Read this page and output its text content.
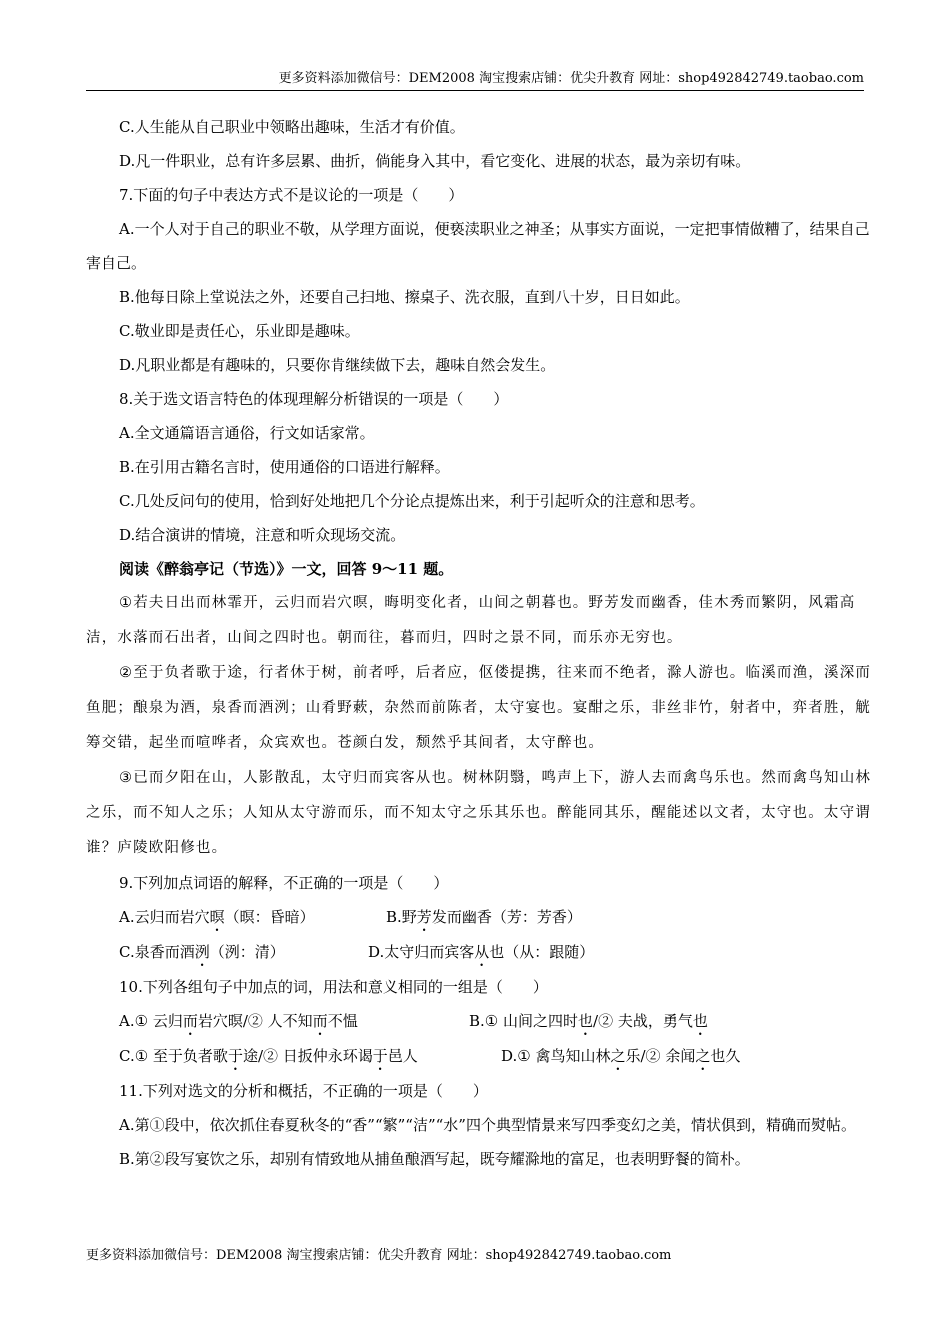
更多资料添加微信号：DEM2008 淘宝搜索店铺：优尖升教育 网址：shop492842749.taobao.com

C.人生能从自己职业中领略出趣味，生活才有价值。

D.凡一件职业，总有许多层累、曲折，倘能身入其中，看它变化、进展的状态，最为亲切有味。

7.下面的句子中表达方式不是议论的一项是（　　）

A.一个人对于自己的职业不敬，从学理方面说，便亵渎职业之神圣；从事实方面说，一定把事情做糟了，结果自己害自己。

B.他每日除上堂说法之外，还要自己扫地、擦桌子、洗衣服，直到八十岁，日日如此。

C.敬业即是责任心，乐业即是趣味。

D.凡职业都是有趣味的，只要你肯继续做下去，趣味自然会发生。

8.关于选文语言特色的体现理解分析错误的一项是（　　）

A.全文通篇语言通俗，行文如话家常。

B.在引用古籍名言时，使用通俗的口语进行解释。

C.几处反问句的使用，恰到好处地把几个分论点提炼出来，利于引起听众的注意和思考。

D.结合演讲的情境，注意和听众现场交流。

阅读《醉翁亭记（节选）》一文，回答 9～11 题。

①若夫日出而林霏开，云归而岩穴暝，晦明变化者，山间之朝暮也。野芳发而幽香，佳木秀而繁阴，风霜高洁，水落而石出者，山间之四时也。朝而往，暮而归，四时之景不同，而乐亦无穷也。

②至于负者歌于途，行者休于树，前者呼，后者应，伛偻提携，往来而不绝者，滁人游也。临溪而渔，溪深而鱼肥；酿泉为酒，泉香而酒洌；山肴野蔌，杂然而前陈者，太守宴也。宴酣之乐，非丝非竹，射者中，弈者胜，觥筹交错，起坐而喧哗者，众宾欢也。苍颜白发，颓然乎其间者，太守醉也。

③已而夕阳在山，人影散乱，太守归而宾客从也。树林阴翳，鸣声上下，游人去而禽鸟乐也。然而禽鸟知山林之乐，而不知人之乐；人知从太守游而乐，而不知太守之乐其乐也。醉能同其乐，醒能述以文者，太守也。太守谓谁？庐陵欧阳修也。

9.下列加点词语的解释，不正确的一项是（　　）

A.云归而岩穴暝（暝：昏暗）	B.野芳发而幽香（芳：芳香）
C.泉香而酒洌（洌：清）	D.太守归而宾客从也（从：跟随）

10.下列各组句子中加点的词，用法和意义相同的一组是（　　）

A.① 云归而岩穴暝/② 人不知而不愠	B.① 山间之四时也/② 夫战，勇气也
C.① 至于负者歌于途/② 日扳仲永环谒于邑人	D.① 禽鸟知山林之乐/② 余闻之也久

11.下列对选文的分析和概括，不正确的一项是（　　）

A.第①段中，依次抓住春夏秋冬的“香”“繁”“洁”“水”四个典型情景来写四季变幻之美，情状俱到，精确而熨帖。

B.第②段写宴饮之乐，却别有情致地从捕鱼酿酒写起，既夸耀滁地的富足，也表明野餐的简朴。

更多资料添加微信号：DEM2008 淘宝搜索店铺：优尖升教育 网址：shop492842749.taobao.com
